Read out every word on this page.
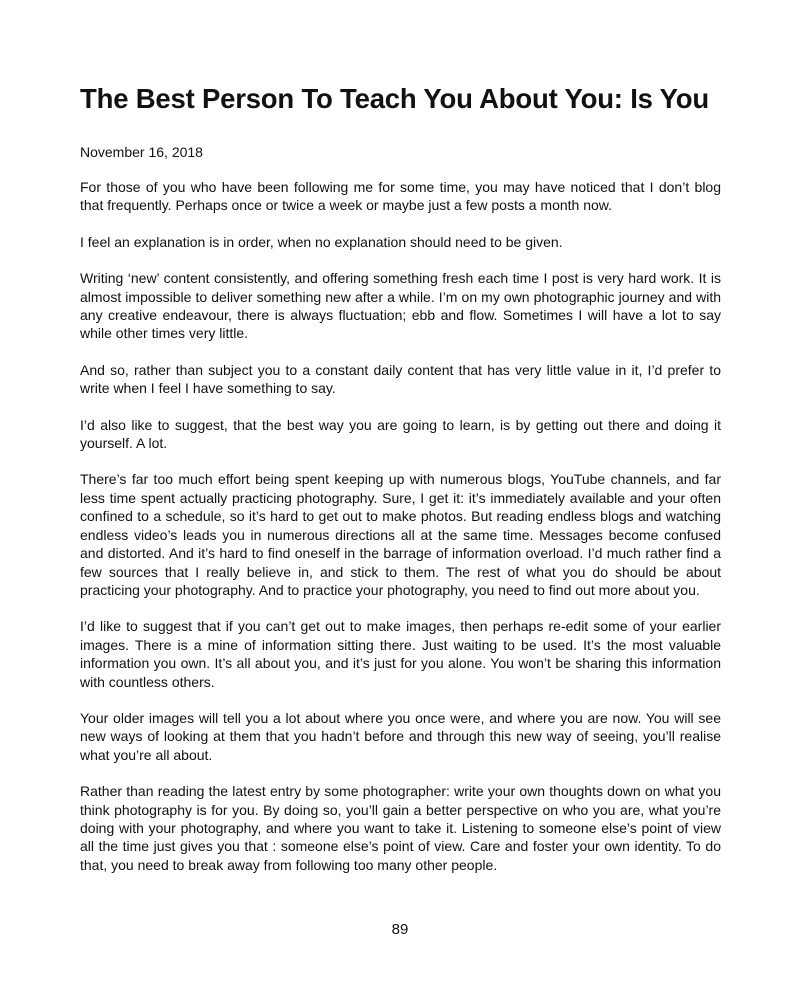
The Best Person To Teach You About You: Is You
November 16, 2018

For those of you who have been following me for some time, you may have noticed that I don’t blog that frequently. Perhaps once or twice a week or maybe just a few posts a month now.

I feel an explanation is in order, when no explanation should need to be given.

Writing ‘new’ content consistently, and offering something fresh each time I post is very hard work. It is almost impossible to deliver something new after a while. I’m on my own photographic journey and with any creative endeavour, there is always fluctuation; ebb and flow. Sometimes I will have a lot to say while other times very little.

And so, rather than subject you to a constant daily content that has very little value in it, I’d prefer to write when I feel I have something to say.

I’d also like to suggest, that the best way you are going to learn, is by getting out there and doing it yourself. A lot.

There’s far too much effort being spent keeping up with numerous blogs, YouTube channels, and far less time spent actually practicing photography. Sure, I get it: it’s immediately available and your often confined to a schedule, so it’s hard to get out to make photos. But reading endless blogs and watching endless video’s leads you in numerous directions all at the same time. Messages become confused and distorted. And it’s hard to find oneself in the barrage of information overload. I’d much rather find a few sources that I really believe in, and stick to them. The rest of what you do should be about practicing your photography. And to practice your photography, you need to find out more about you.

I’d like to suggest that if you can’t get out to make images, then perhaps re-edit some of your earlier images. There is a mine of information sitting there. Just waiting to be used. It’s the most valuable information you own. It’s all about you, and it’s just for you alone. You won’t be sharing this information with countless others.

Your older images will tell you a lot about where you once were, and where you are now. You will see new ways of looking at them that you hadn’t before and through this new way of seeing, you’ll realise what you’re all about.

Rather than reading the latest entry by some photographer: write your own thoughts down on what you think photography is for you. By doing so, you’ll gain a better perspective on who you are, what you’re doing with your photography, and where you want to take it. Listening to someone else’s point of view all the time just gives you that : someone else’s point of view. Care and foster your own identity. To do that, you need to break away from following too many other people.

89
